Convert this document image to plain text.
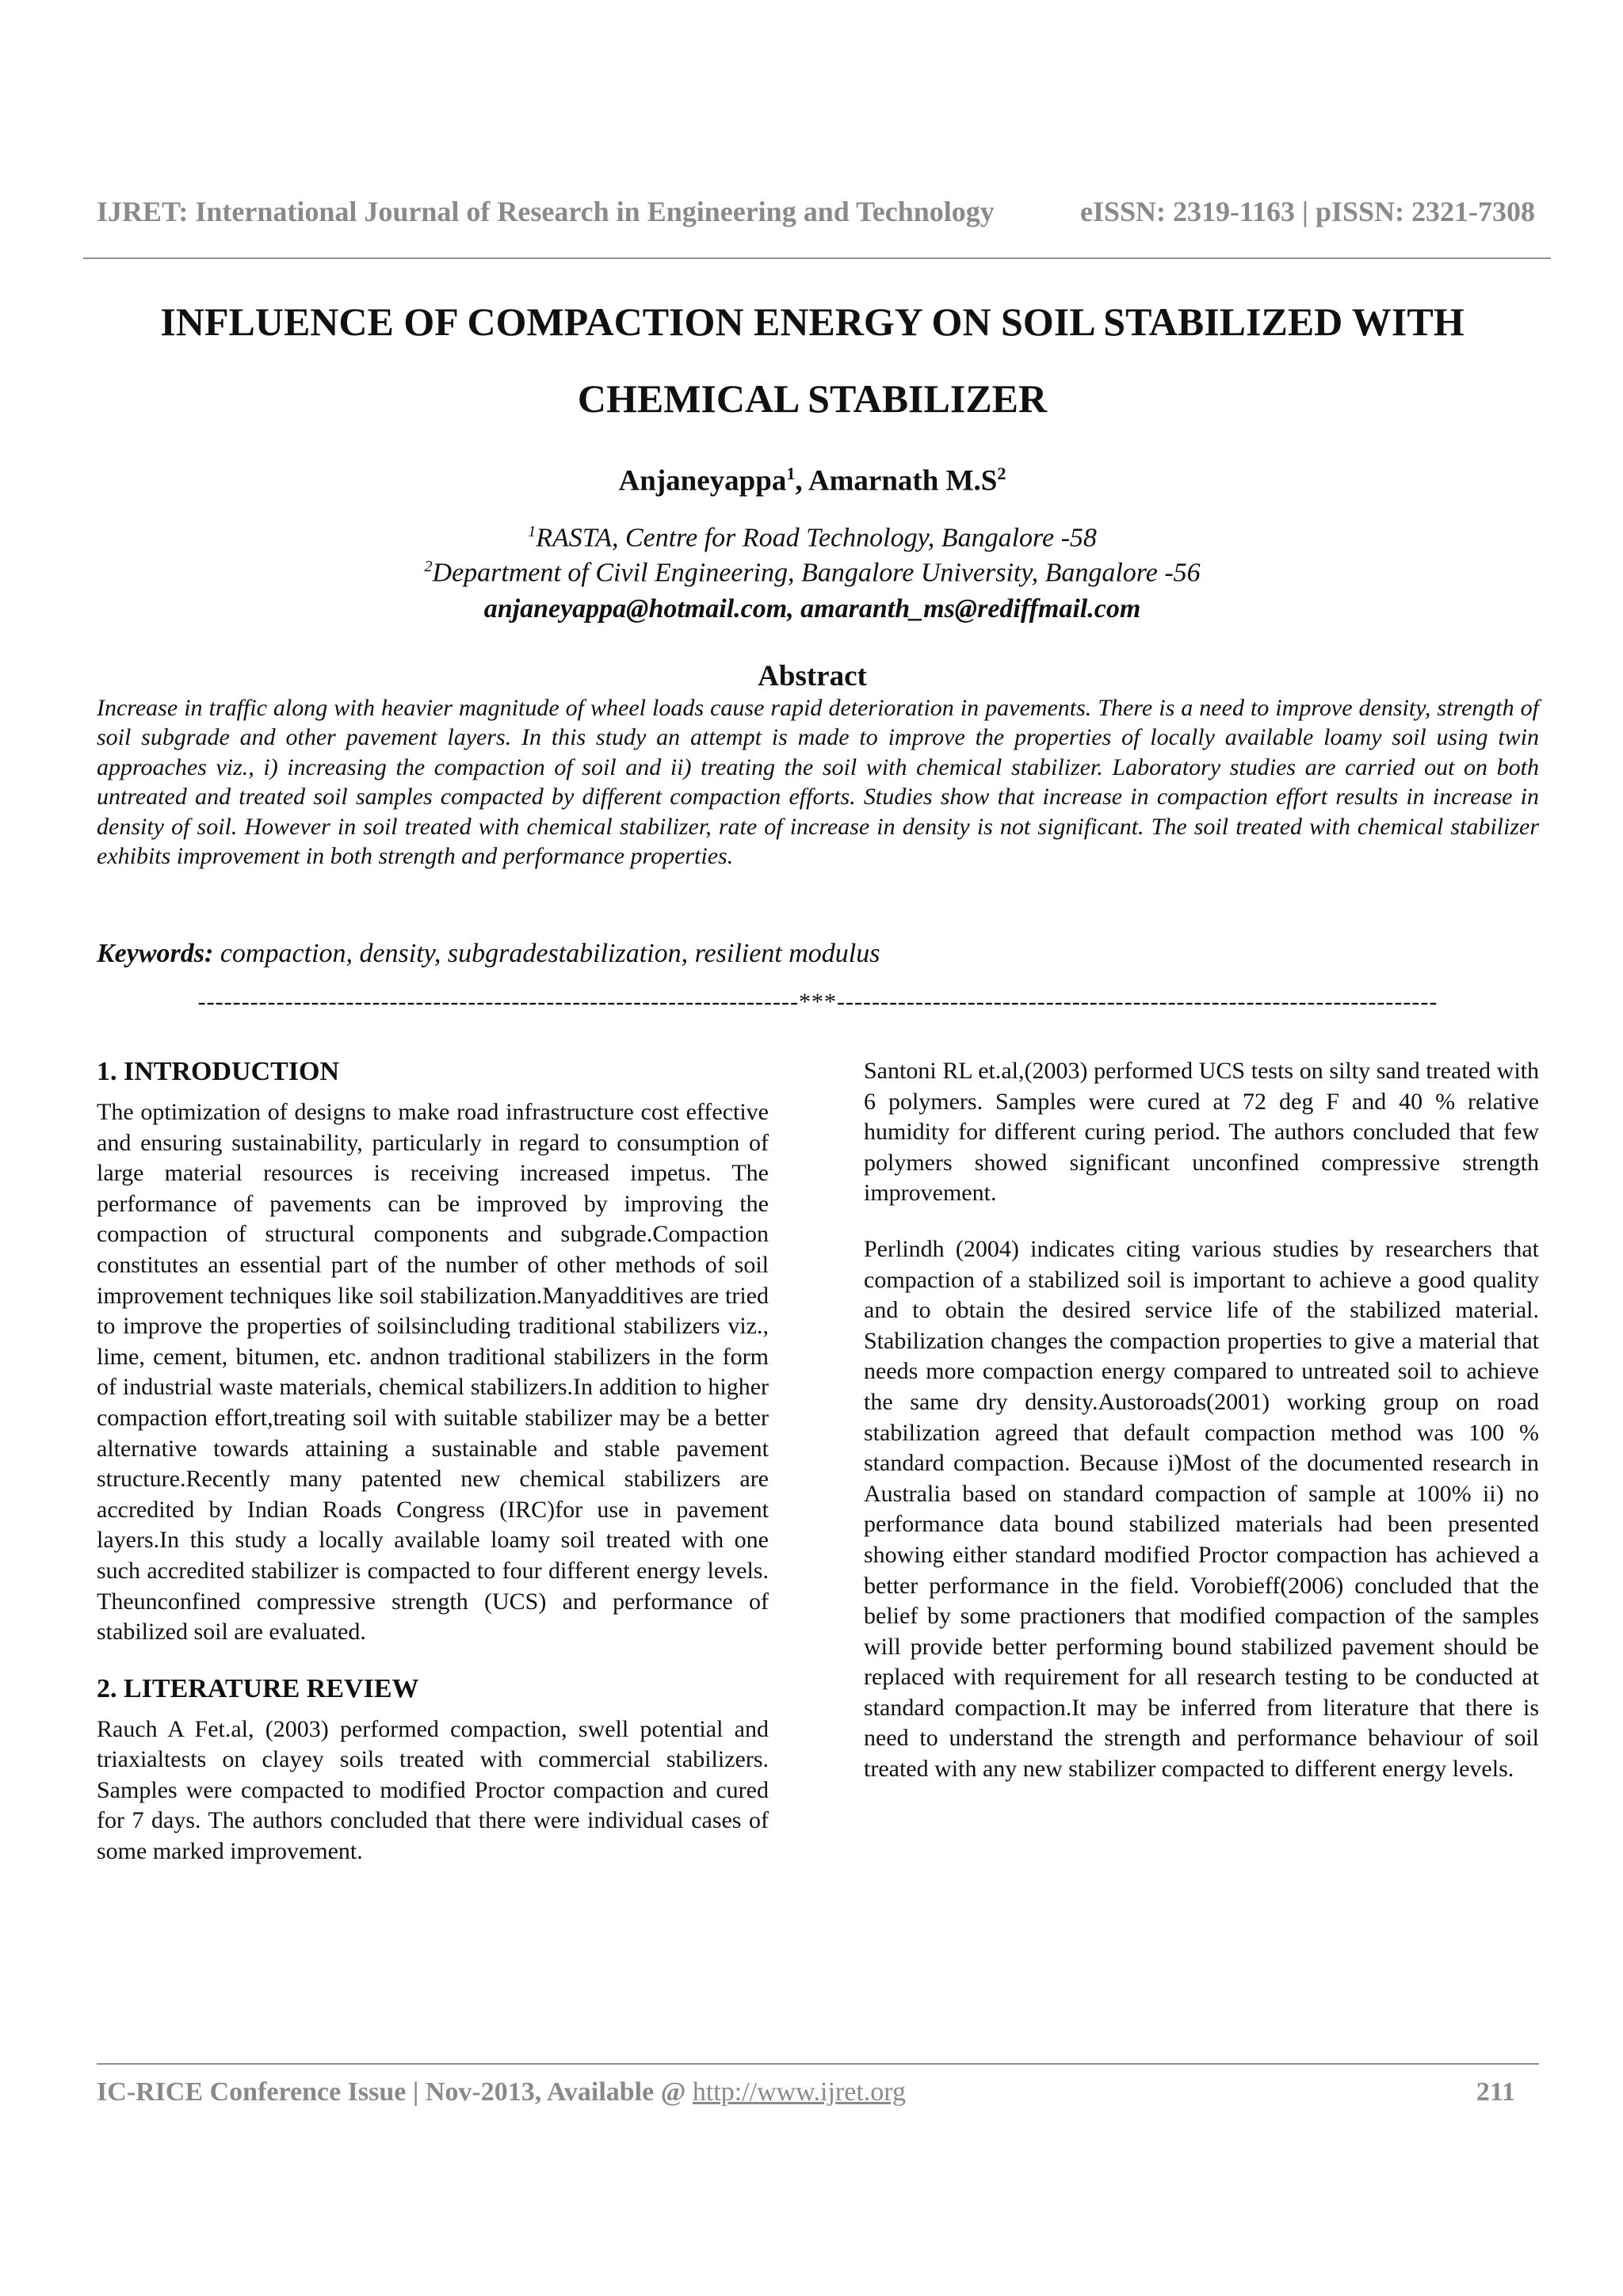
IJRET: International Journal of Research in Engineering and Technology	eISSN: 2319-1163 | pISSN: 2321-7308
INFLUENCE OF COMPACTION ENERGY ON SOIL STABILIZED WITH
CHEMICAL STABILIZER
Anjaneyappa$^1$, Amarnath $M.S^2$
$^1$RASTA, Centre for Road Technology, Bangalore -58
$^2$Department of Civil Engineering, Bangalore University, Bangalore -56
anjaneyappa@hotmail.com, amaranth_ms@rediffmail.com
Abstract

Increase in traffic along with heavier magnitude of wheel loads cause rapid deterioration in pavements. There is a need to improve density, strength of soil subgrade and other pavement layers. In this study an attempt is made to improve the properties of locally available loamy soil using twin approaches viz., i) increasing the compaction of soil and ii) treating the soil with chemical stabilizer. Laboratory studies are carried out on both untreated and treated soil samples compacted by different compaction efforts. Studies show that increase in compaction effort results in increase in density of soil. However in soil treated with chemical stabilizer, rate of increase in density is not significant. The soil treated with chemical stabilizer exhibits improvement in both strength and performance properties.

Keywords: compaction, density, subgradestabilization, resilient modulus
---------------------------------------------------------------------***---------------------------------------------------------------------
1. INTRODUCTION

The optimization of designs to make road infrastructure cost effective and ensuring sustainability, particularly in regard to consumption of large material resources is receiving increased impetus. The performance of pavements can be improved by improving the compaction of structural components and subgrade.Compaction constitutes an essential part of the number of other methods of soil improvement techniques like soil stabilization.Manyadditives are tried to improve the properties of soilsincluding traditional stabilizers viz., lime, cement, bitumen, etc. andnon traditional stabilizers in the form of industrial waste materials, chemical stabilizers.In addition to higher compaction effort,treating soil with suitable stabilizer may be a better alternative towards attaining a sustainable and stable pavement structure.Recently many patented new chemical stabilizers are accredited by Indian Roads Congress (IRC)for use in pavement layers.In this study a locally available loamy soil treated with one such accredited stabilizer is compacted to four different energy levels. Theunconfined compressive strength (UCS) and performance of stabilized soil are evaluated.

2. LITERATURE REVIEW

Rauch A Fet.al, (2003) performed compaction, swell potential and triaxialtests on clayey soils treated with commercial stabilizers. Samples were compacted to modified Proctor compaction and cured for 7 days. The authors concluded that there were individual cases of some marked improvement.

Santoni RL et.al,(2003) performed UCS tests on silty sand treated with 6 polymers. Samples were cured at 72 deg F and 40 % relative humidity for different curing period. The authors concluded that few polymers showed significant unconfined compressive strength improvement.

Perlindh (2004) indicates citing various studies by researchers that compaction of a stabilized soil is important to achieve a good quality and to obtain the desired service life of the stabilized material. Stabilization changes the compaction properties to give a material that needs more compaction energy compared to untreated soil to achieve the same dry density.Austoroads(2001) working group on road stabilization agreed that default compaction method was 100 % standard compaction. Because i)Most of the documented research in Australia based on standard compaction of sample at 100% ii) no performance data bound stabilized materials had been presented showing either standard modified Proctor compaction has achieved a better performance in the field. Vorobieff(2006) concluded that the belief by some practioners that modified compaction of the samples will provide better performing bound stabilized pavement should be replaced with requirement for all research testing to be conducted at standard compaction.It may be inferred from literature that there is need to understand the strength and performance behaviour of soil treated with any new stabilizer compacted to different energy levels.

IC-RICE Conference Issue | Nov-2013, Available @ http://www.ijret.org	211
